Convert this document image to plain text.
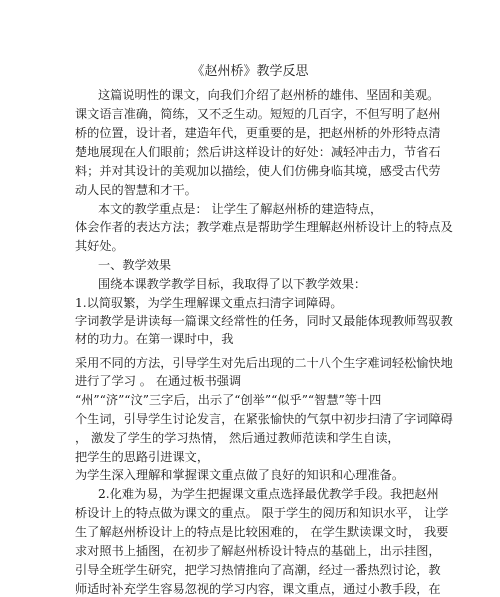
《赵州桥》教学反思
这篇说明性的课文，向我们介绍了赵州桥的雄伟、坚固和美观。
课文语言准确，简练，又不乏生动。短短的几百字，不但写明了赵州
桥的位置，设计者，建造年代，更重要的是，把赵州桥的外形特点清
楚地展现在人们眼前；然后讲这样设计的好处：减轻冲击力，节省石
料；并对其设计的美观加以描绘，使人们仿佛身临其境，感受古代劳
动人民的智慧和才干。
本文的教学重点是： 让学生了解赵州桥的建造特点，
体会作者的表达方法；教学难点是帮助学生理解赵州桥设计上的特点及
其好处。
一、教学效果
围绕本课教学教学目标，我取得了以下教学效果：
1.以简驭繁，为学生理解课文重点扫清字词障碍。
字词教学是讲读每一篇课文经常性的任务，同时又最能体现教师驾驭教
材的功力。在第一课时中，我
采用不同的方法，引导学生对先后出现的二十八个生字难词轻松愉快地
进行了学习 。 在通过板书强调
“州”“济”“汶”三字后，出示了“创举”“似乎”“智慧”等十四
个生词，引导学生讨论发言，在紧张愉快的气氛中初步扫清了字词障碍
， 激发了学生的学习热情， 然后通过教师范读和学生自读，
把学生的思路引进课文，
为学生深入理解和掌握课文重点做了良好的知识和心理准备。
2.化难为易，为学生把握课文重点选择最优教学手段。我把赵州
桥设计上的特点做为课文的重点。 限于学生的阅历和知识水平， 让学
生了解赵州桥设计上的特点是比较困难的， 在学生默读课文时， 我要
求对照书上插图，在初步了解赵州桥设计特点的基础上，出示挂图，
引导全班学生研究，把学习热情推向了高潮，经过一番热烈讨论，教
师适时补充学生容易忽视的学习内容，课文重点，通过小教手段，在
